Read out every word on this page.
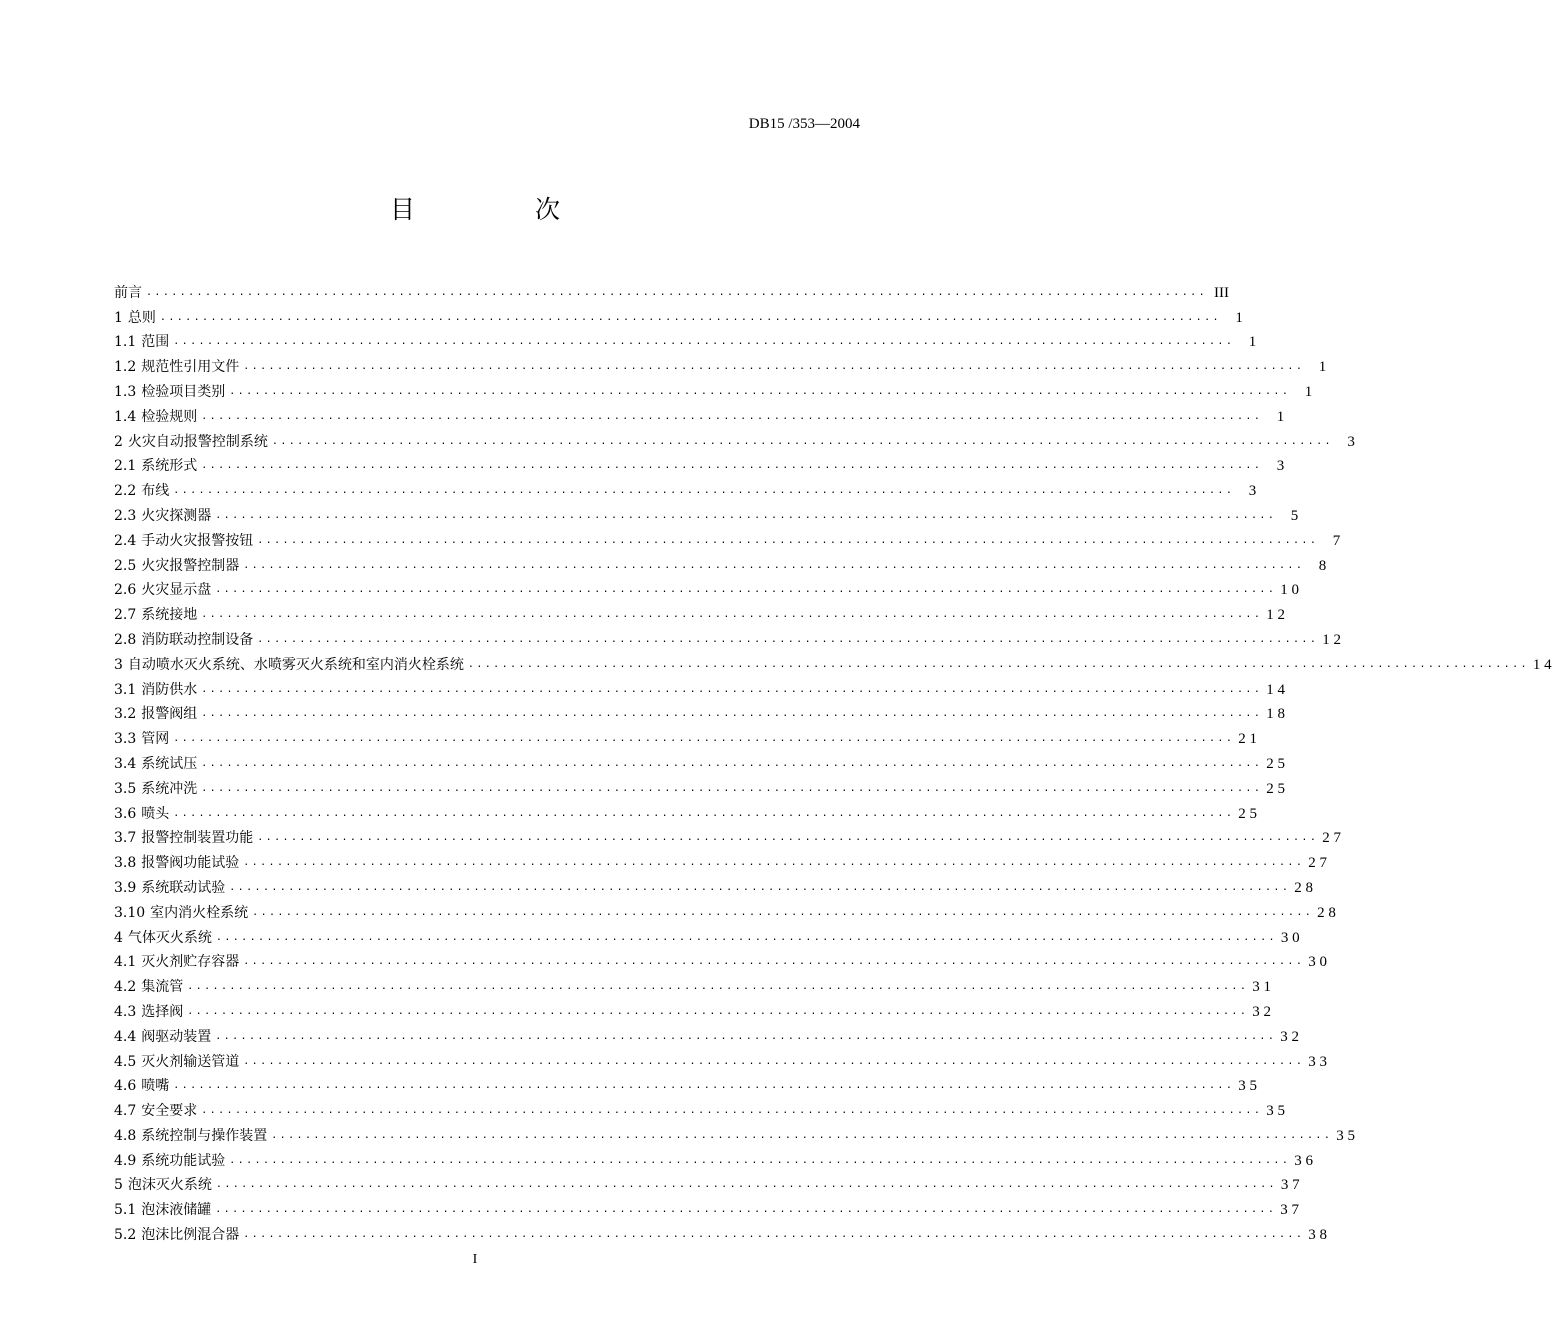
DB15 /353—2004
目 次
前言 .............................................................................................................................. III
1 总则 .............................................................................................................................. 1
1.1 范围 .............................................................................................................................. 1
1.2 规范性引用文件 .............................................................................................................................. 1
1.3 检验项目类别 .............................................................................................................................. 1
1.4 检验规则 .............................................................................................................................. 1
2 火灾自动报警控制系统 .............................................................................................................................. 3
2.1 系统形式 .............................................................................................................................. 3
2.2 布线 .............................................................................................................................. 3
2.3 火灾探测器 .............................................................................................................................. 5
2.4 手动火灾报警按钮 .............................................................................................................................. 7
2.5 火灾报警控制器 .............................................................................................................................. 8
2.6 火灾显示盘 .............................................................................................................................. 1 0
2.7 系统接地 .............................................................................................................................. 1 2
2.8 消防联动控制设备 .............................................................................................................................. 1 2
3 自动喷水灭火系统、水喷雾灭火系统和室内消火栓系统 .............................................................................................................................. 1 4
3.1 消防供水 .............................................................................................................................. 1 4
3.2 报警阀组 .............................................................................................................................. 1 8
3.3 管网 .............................................................................................................................. 2 1
3.4 系统试压 .............................................................................................................................. 2 5
3.5 系统冲洗 .............................................................................................................................. 2 5
3.6 喷头 .............................................................................................................................. 2 5
3.7 报警控制装置功能 .............................................................................................................................. 2 7
3.8 报警阀功能试验 .............................................................................................................................. 2 7
3.9 系统联动试验 .............................................................................................................................. 2 8
3.10 室内消火栓系统 .............................................................................................................................. 2 8
4 气体灭火系统 .............................................................................................................................. 3 0
4.1 灭火剂贮存容器 .............................................................................................................................. 3 0
4.2 集流管 .............................................................................................................................. 3 1
4.3 选择阀 .............................................................................................................................. 3 2
4.4 阀驱动装置 .............................................................................................................................. 3 2
4.5 灭火剂输送管道 .............................................................................................................................. 3 3
4.6 喷嘴 .............................................................................................................................. 3 5
4.7 安全要求 .............................................................................................................................. 3 5
4.8 系统控制与操作装置 .............................................................................................................................. 3 5
4.9 系统功能试验 .............................................................................................................................. 3 6
5 泡沫灭火系统 .............................................................................................................................. 3 7
5.1 泡沫液储罐 .............................................................................................................................. 3 7
5.2 泡沫比例混合器 .............................................................................................................................. 3 8
I
